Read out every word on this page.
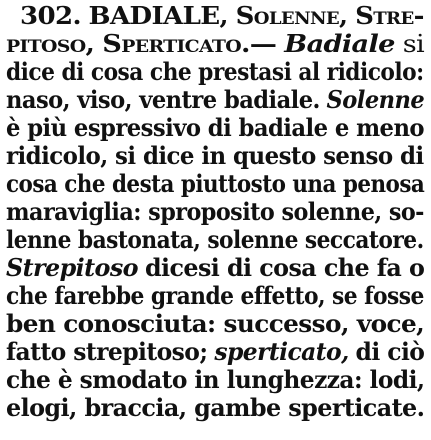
302. BADIALE, Solenne, Stre-
pitoso, Sperticato.— Badiale si
dice di cosa che prestasi al ridicolo:
naso, viso, ventre badiale. Solenne
è più espressivo di badiale e meno
ridicolo, si dice in questo senso di
cosa che desta piuttosto una penosa
maraviglia: sproposito solenne, so-
lenne bastonata, solenne seccatore.
Strepitoso dicesi di cosa che fa o
che farebbe grande effetto, se fosse
ben conosciuta: successo, voce,
fatto strepitoso; sperticato, di ciò
che è smodato in lunghezza: lodi,
elogi, braccia, gambe sperticate.
